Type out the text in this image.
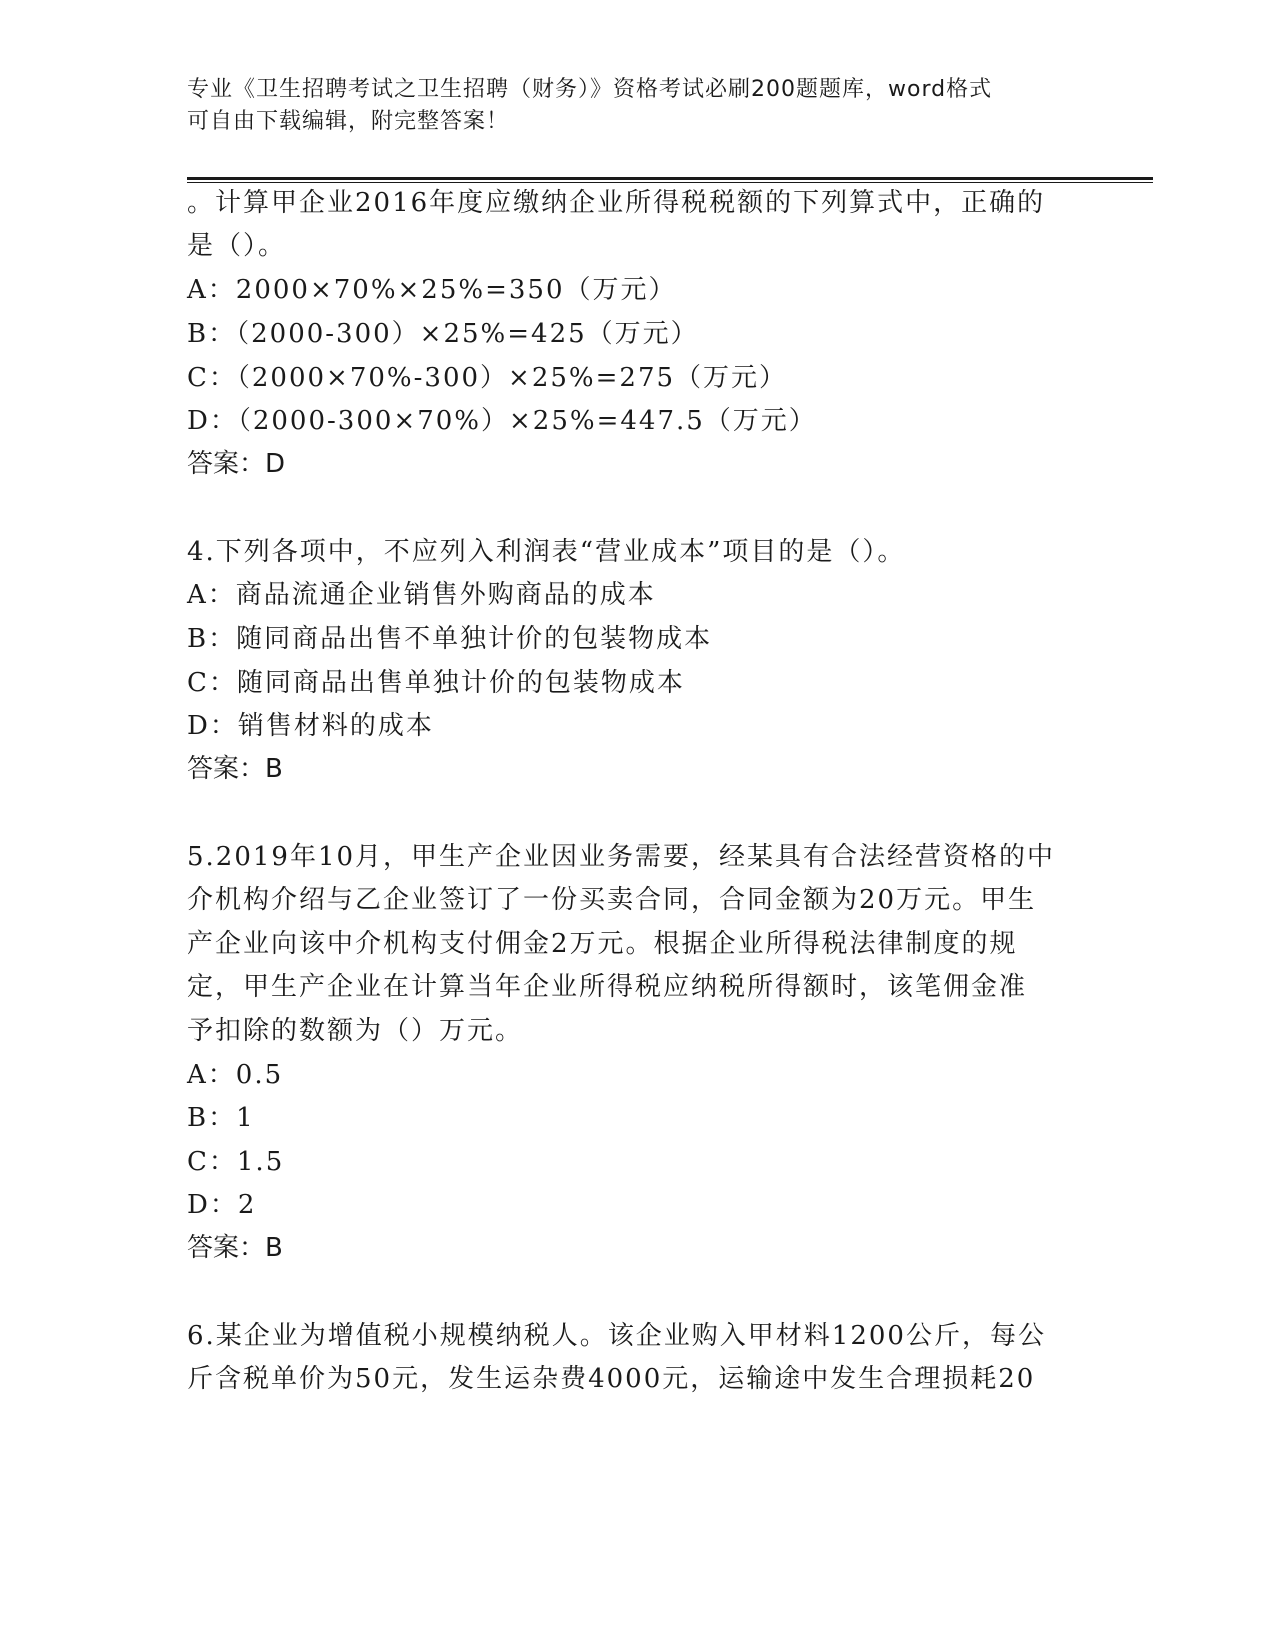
专业《卫生招聘考试之卫生招聘（财务）》资格考试必刷200题题库，word格式
可自由下载编辑，附完整答案！
。计算甲企业2016年度应缴纳企业所得税税额的下列算式中，正确的
是（）。
A：2000×70%×25%=350（万元）
B：（2000-300）×25%=425（万元）
C：（2000×70%-300）×25%=275（万元）
D：（2000-300×70%）×25%=447.5（万元）
答案：D
4.下列各项中，不应列入利润表“营业成本”项目的是（）。
A：商品流通企业销售外购商品的成本
B：随同商品出售不单独计价的包装物成本
C：随同商品出售单独计价的包装物成本
D：销售材料的成本
答案：B
5.2019年10月，甲生产企业因业务需要，经某具有合法经营资格的中
介机构介绍与乙企业签订了一份买卖合同，合同金额为20万元。甲生
产企业向该中介机构支付佣金2万元。根据企业所得税法律制度的规
定，甲生产企业在计算当年企业所得税应纳税所得额时，该笔佣金准
予扣除的数额为（）万元。
A：0.5
B：1
C：1.5
D：2
答案：B
6.某企业为增值税小规模纳税人。该企业购入甲材料1200公斤，每公
斤含税单价为50元，发生运杂费4000元，运输途中发生合理损耗20
